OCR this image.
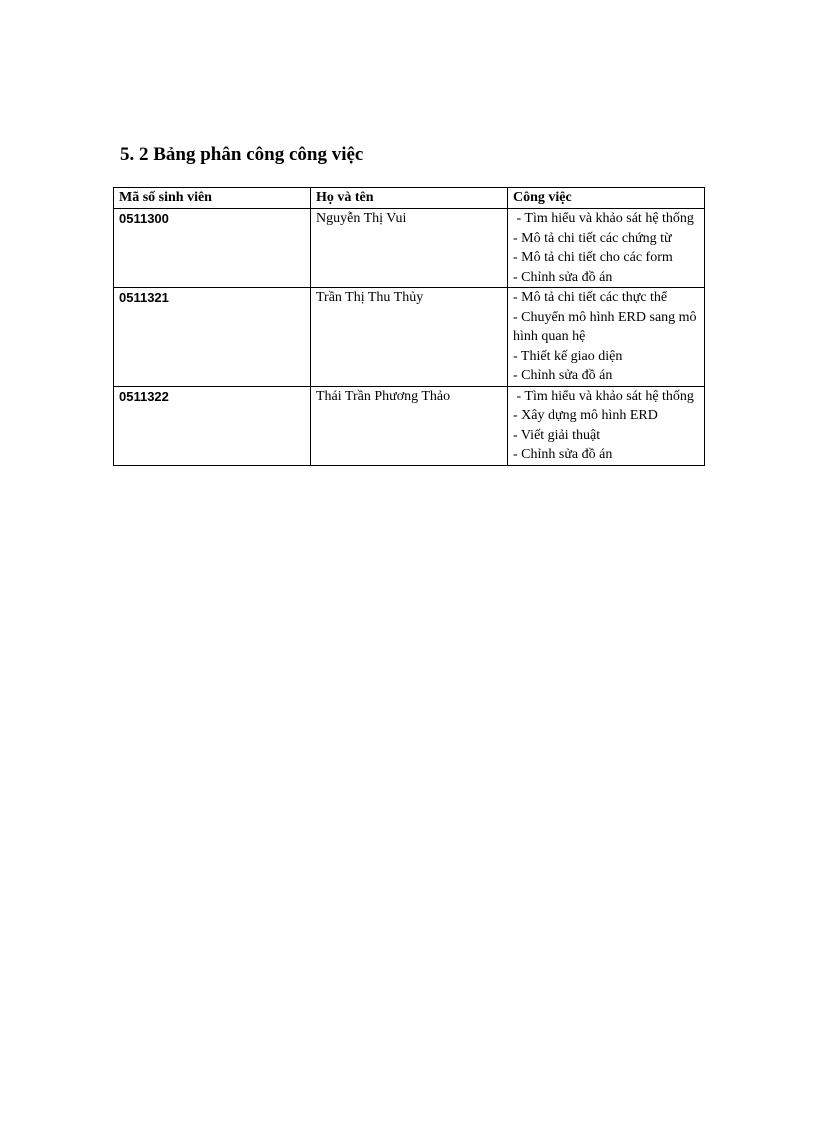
5. 2 Bảng phân công công việc
Mã số sinh viên	Họ và tên	Công việc
0511300	Nguyễn Thị Vui	- Tìm hiểu và khảo sát hệ thống
- Mô tả chi tiết các chứng từ
- Mô tả chi tiết cho các form
- Chỉnh sửa đồ án

0511321	Trần Thị Thu Thủy	- Mô tả chi tiết các thực thể
- Chuyển mô hình ERD sang mô hình quan hệ
- Thiết kế giao diện
- Chỉnh sửa đồ án

0511322	Thái Trần Phương Thảo	- Tìm hiểu và khảo sát hệ thống
- Xây dựng mô hình ERD
- Viết giải thuật
- Chỉnh sửa đồ án
